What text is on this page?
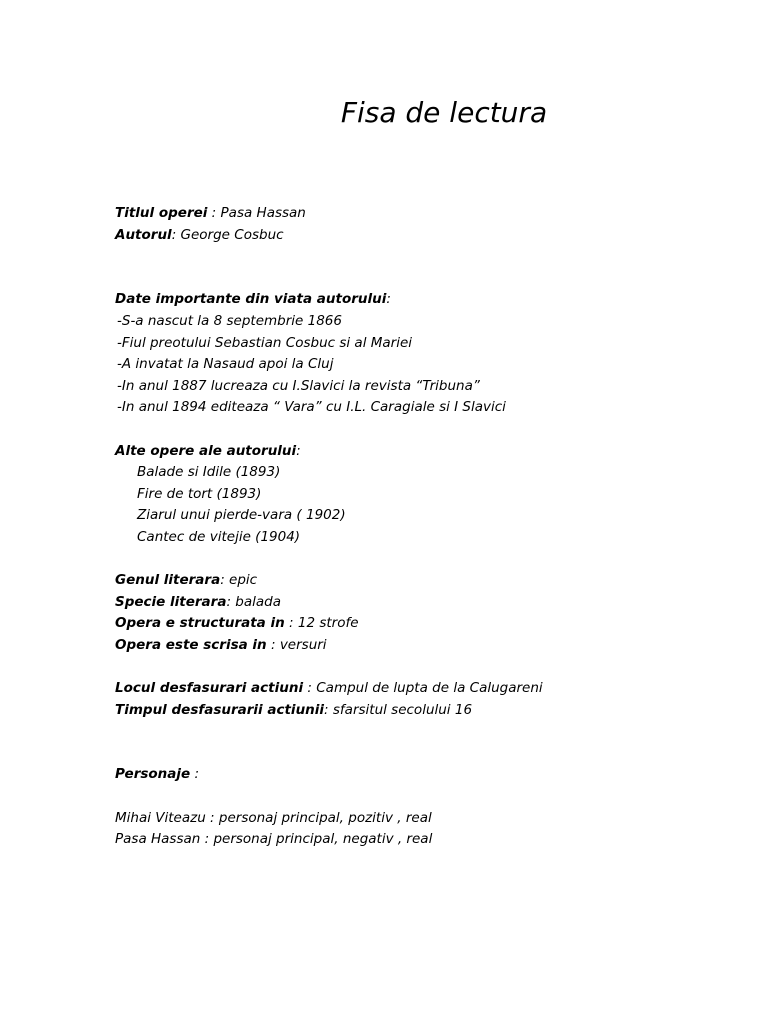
Fisa de lectura
Titlul operei : Pasa Hassan
Autorul: George Cosbuc
Date importante din viata autorului:
-S-a nascut la 8 septembrie 1866
-Fiul preotului Sebastian Cosbuc si al Mariei
-A invatat la Nasaud apoi la Cluj
-In anul 1887 lucreaza cu I.Slavici la revista “Tribuna”
-In anul 1894 editeaza “ Vara” cu I.L. Caragiale si I Slavici
Alte opere ale autorului:
Balade si Idile (1893)
Fire de tort (1893)
Ziarul unui pierde-vara ( 1902)
Cantec de vitejie (1904)
Genul literara: epic
Specie literara: balada
Opera e structurata in : 12 strofe
Opera este scrisa in : versuri
Locul desfasurari actiuni : Campul de lupta de la Calugareni
Timpul desfasurarii actiunii: sfarsitul secolului 16
Personaje :
Mihai Viteazu : personaj principal, pozitiv , real
Pasa Hassan : personaj principal, negativ , real
